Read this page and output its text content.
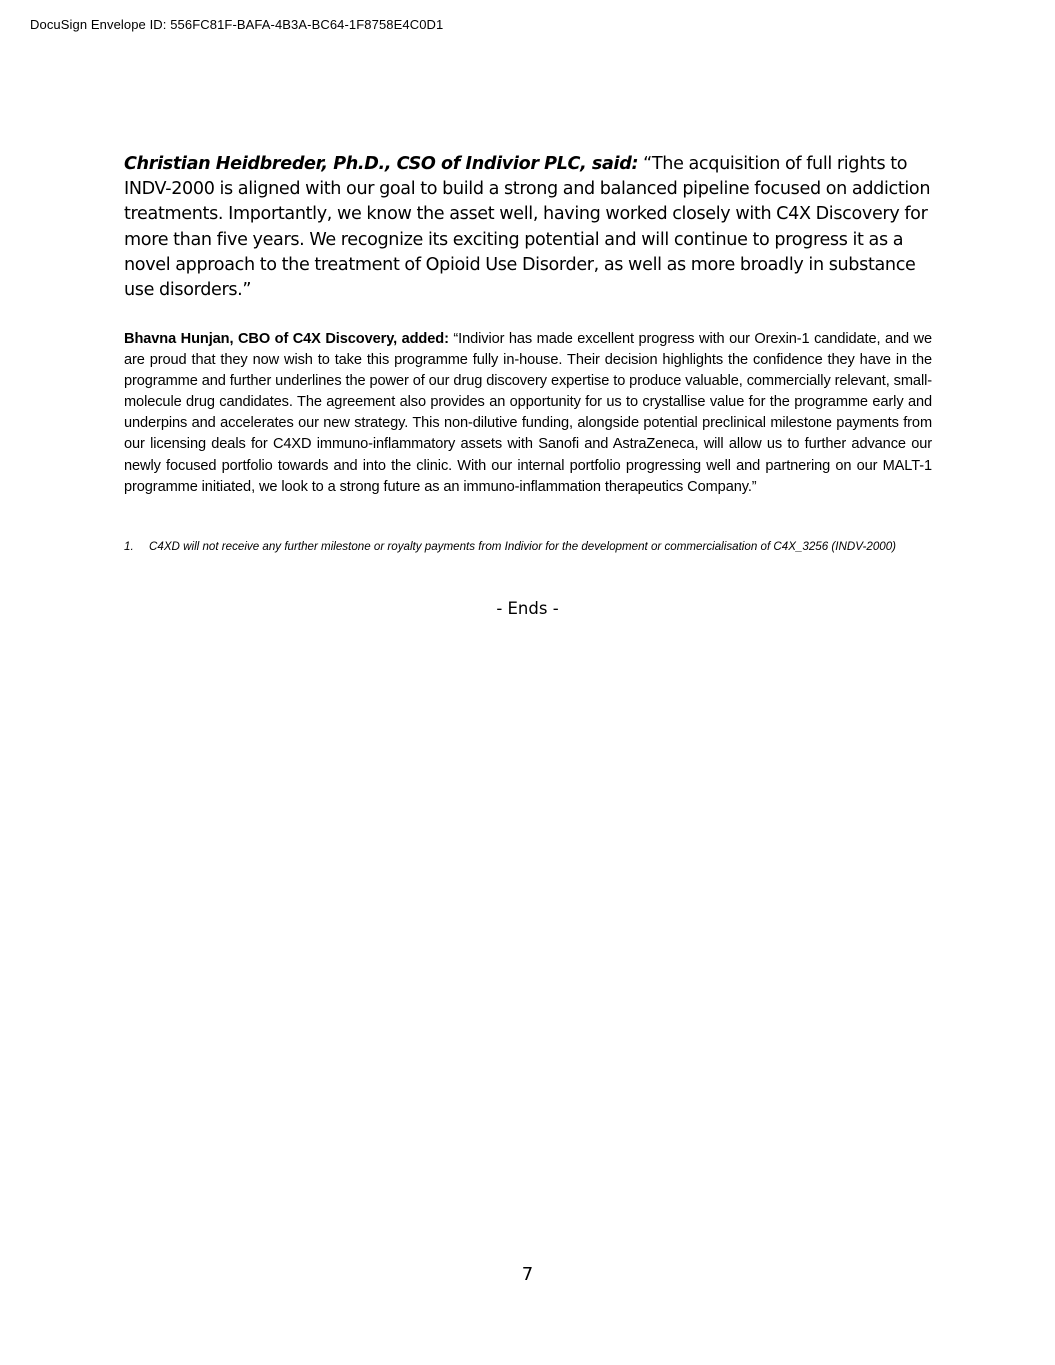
DocuSign Envelope ID: 556FC81F-BAFA-4B3A-BC64-1F8758E4C0D1
Christian Heidbreder, Ph.D., CSO of Indivior PLC, said: “The acquisition of full rights to INDV-2000 is aligned with our goal to build a strong and balanced pipeline focused on addiction treatments. Importantly, we know the asset well, having worked closely with C4X Discovery for more than five years. We recognize its exciting potential and will continue to progress it as a novel approach to the treatment of Opioid Use Disorder, as well as more broadly in substance use disorders.”
Bhavna Hunjan, CBO of C4X Discovery, added: “Indivior has made excellent progress with our Orexin-1 candidate, and we are proud that they now wish to take this programme fully in-house. Their decision highlights the confidence they have in the programme and further underlines the power of our drug discovery expertise to produce valuable, commercially relevant, small-molecule drug candidates. The agreement also provides an opportunity for us to crystallise value for the programme early and underpins and accelerates our new strategy. This non-dilutive funding, alongside potential preclinical milestone payments from our licensing deals for C4XD immuno-inflammatory assets with Sanofi and AstraZeneca, will allow us to further advance our newly focused portfolio towards and into the clinic. With our internal portfolio progressing well and partnering on our MALT-1 programme initiated, we look to a strong future as an immuno-inflammation therapeutics Company.”
1.	C4XD will not receive any further milestone or royalty payments from Indivior for the development or commercialisation of C4X_3256 (INDV-2000)
- Ends -
7
